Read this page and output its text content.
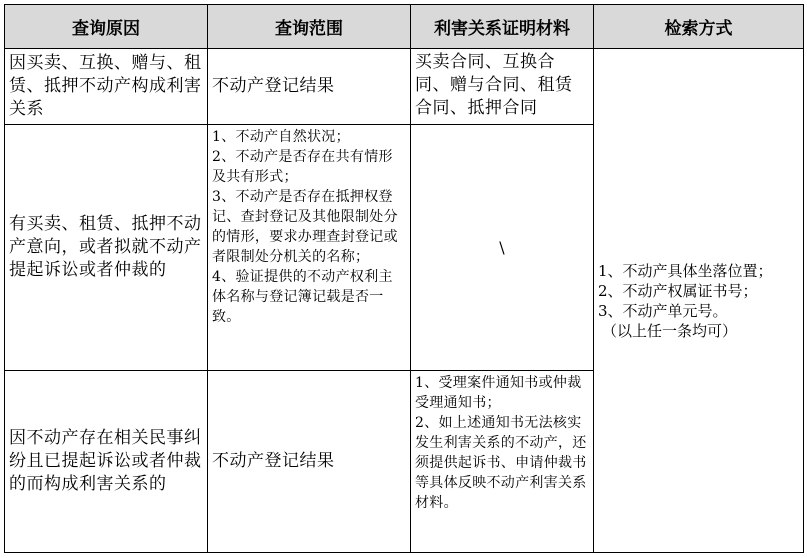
查询原因	查询范围	利害关系证明材料	检索方式
因买卖、互换、赠与、租赁、抵押不动产构成利害关系	不动产登记结果	买卖合同、互换合同、赠与合同、租赁合同、抵押合同	1、不动产具体坐落位置；
2、不动产权属证书号；
3、不动产单元号。
（以上任一条均可）

有买卖、租赁、抵押不动产意向，或者拟就不动产提起诉讼或者仲裁的	1、不动产自然状况；
2、不动产是否存在共有情形及共有形式；
3、不动产是否存在抵押权登记、查封登记及其他限制处分的情形，要求办理查封登记或者限制处分机关的名称；
4、验证提供的不动产权利主体名称与登记簿记载是否一致。	\	
因不动产存在相关民事纠纷且已提起诉讼或者仲裁的而构成利害关系的	不动产登记结果	1、受理案件通知书或仲裁受理通知书；
2、如上述通知书无法核实发生利害关系的不动产，还须提供起诉书、申请仲裁书等具体反映不动产利害关系材料。	
